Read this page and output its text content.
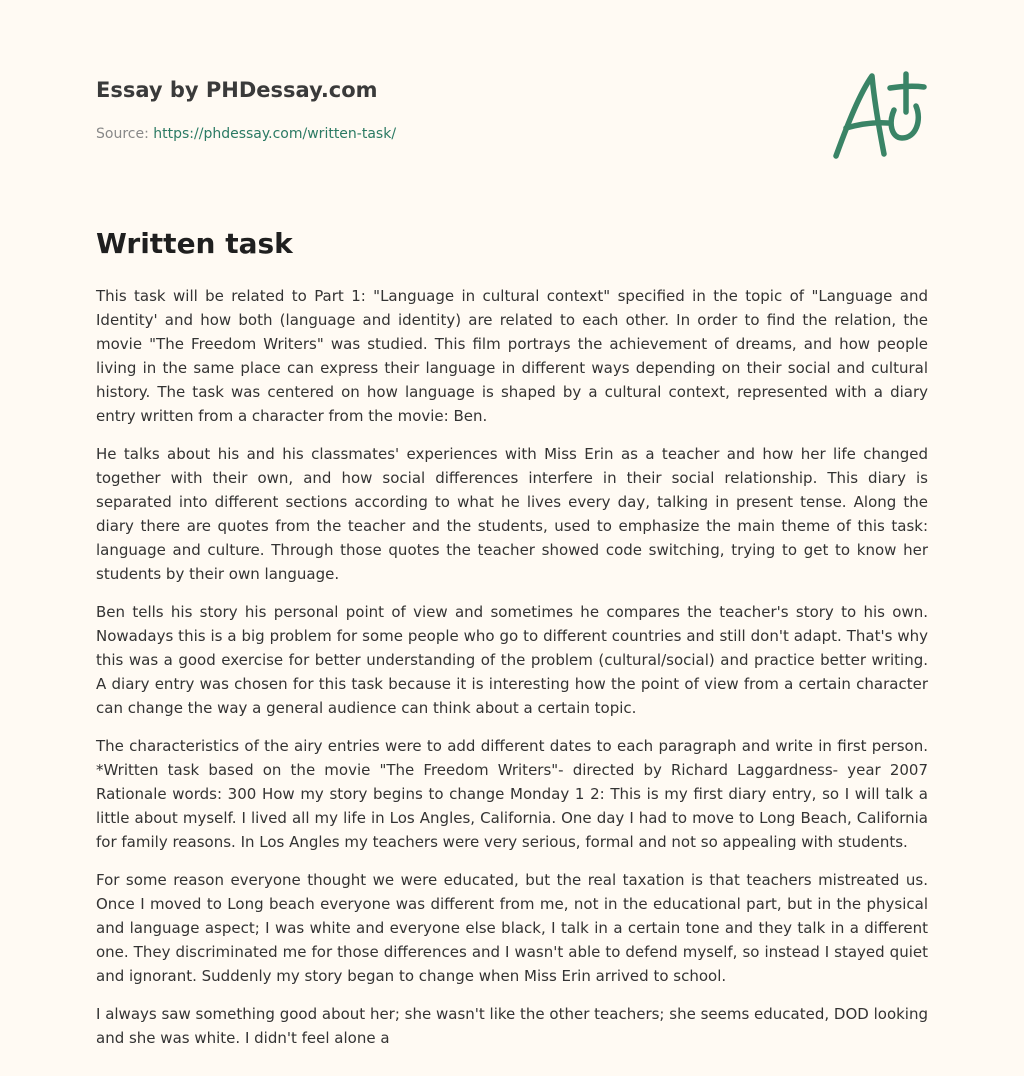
Essay by PHDessay.com
Source: https://phdessay.com/written-task/
Written task

This task will be related to Part 1: "Language in cultural context" specified in the topic of "Language and Identity' and how both (language and identity) are related to each other. In order to find the relation, the movie "The Freedom Writers" was studied. This film portrays the achievement of dreams, and how people living in the same place can express their language in different ways depending on their social and cultural history. The task was centered on how language is shaped by a cultural context, represented with a diary entry written from a character from the movie: Ben.

He talks about his and his classmates' experiences with Miss Erin as a teacher and how her life changed together with their own, and how social differences interfere in their social relationship. This diary is separated into different sections according to what he lives every day, talking in present tense. Along the diary there are quotes from the teacher and the students, used to emphasize the main theme of this task: language and culture. Through those quotes the teacher showed code switching, trying to get to know her students by their own language.

Ben tells his story his personal point of view and sometimes he compares the teacher's story to his own. Nowadays this is a big problem for some people who go to different countries and still don't adapt. That's why this was a good exercise for better understanding of the problem (cultural/social) and practice better writing. A diary entry was chosen for this task because it is interesting how the point of view from a certain character can change the way a general audience can think about a certain topic.

The characteristics of the airy entries were to add different dates to each paragraph and write in first person. *Written task based on the movie "The Freedom Writers"- directed by Richard Laggardness- year 2007 Rationale words: 300 How my story begins to change Monday 1 2: This is my first diary entry, so I will talk a little about myself. I lived all my life in Los Angles, California. One day I had to move to Long Beach, California for family reasons. In Los Angles my teachers were very serious, formal and not so appealing with students.

For some reason everyone thought we were educated, but the real taxation is that teachers mistreated us. Once I moved to Long beach everyone was different from me, not in the educational part, but in the physical and language aspect; I was white and everyone else black, I talk in a certain tone and they talk in a different one. They discriminated me for those differences and I wasn't able to defend myself, so instead I stayed quiet and ignorant. Suddenly my story began to change when Miss Erin arrived to school.

I always saw something good about her; she wasn't like the other teachers; she seems educated, DOD looking and she was white. I didn't feel alone a
